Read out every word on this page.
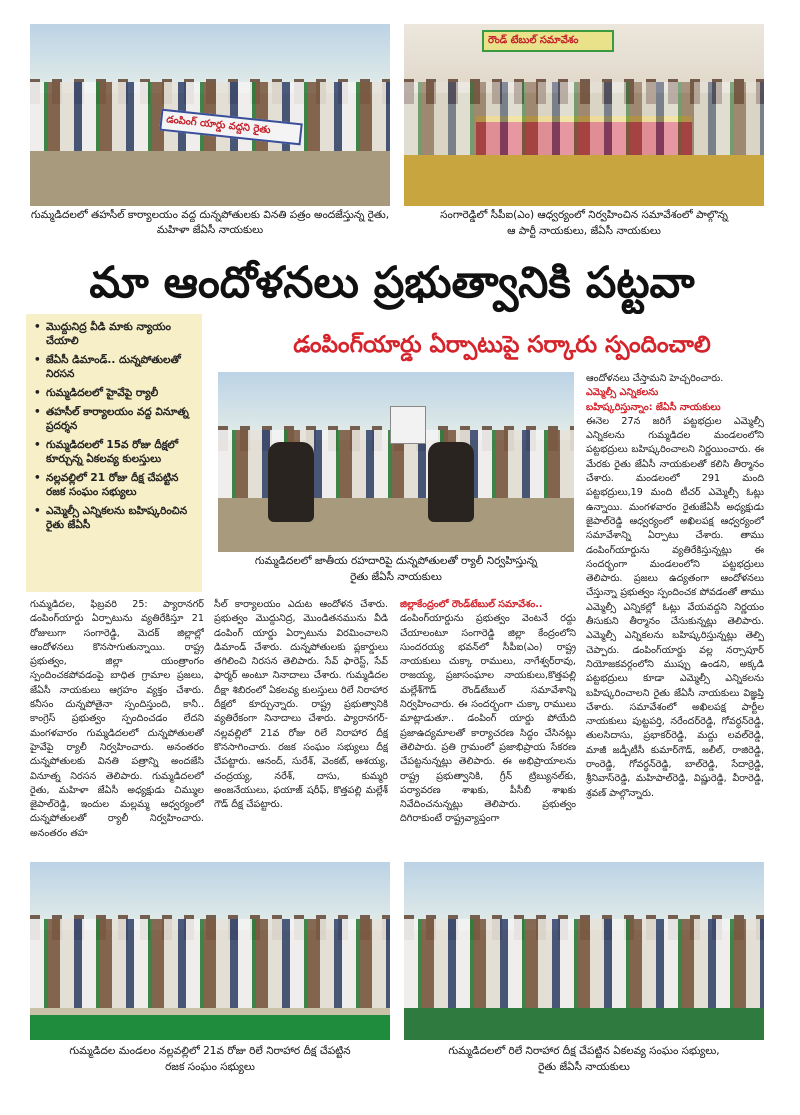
డంపింగ్ యార్డు వద్దని రైతు
గుమ్మడిదలలో తహసీల్ కార్యాలయం వద్ద దున్నపోతులకు వినతి పత్రం అందజేస్తున్న రైతు, మహిళా జేఏసీ నాయకులు
రౌండ్ టేబుల్ సమావేశం
సంగారెడ్డిలో సీపీఐ(ఎం) ఆధ్వర్యంలో నిర్వహించిన సమావేశంలో పాల్గొన్న
ఆ పార్టీ నాయకులు, జేఏసీ నాయకులు
మా ఆందోళనలు ప్రభుత్వానికి పట్టవా
డంపింగ్‌యార్డు ఏర్పాటుపై సర్కారు స్పందించాలి
• మొద్దునిద్ర వీడి మాకు న్యాయం చేయాలి
• జేఏసీ డిమాండ్.. దున్నపోతులతో నిరసన
• గుమ్మడిదలలో హైవేపై ర్యాలీ
• తహసీల్ కార్యాలయం వద్ద వినూత్న ప్రదర్శన
• గుమ్మడిదలలో 15వ రోజు దీక్షలో కూర్చున్న ఏకలవ్య కులస్తులు
• నల్లవల్లిలో 21 రోజు దీక్ష చేపట్టిన రజక సంఘం సభ్యులు
• ఎమ్మెల్సీ ఎన్నికలను బహిష్కరించిన రైతు జేఏసీ
గుమ్మడిదలలో జాతీయ రహదారిపై దున్నపోతులతో ర్యాలీ నిర్వహిస్తున్న
రైతు జేఏసీ నాయకులు
ఆందోళనలు చేస్తామని హెచ్చరించారు.
ఎమ్మెల్సీ ఎన్నికలను
బహిష్కరిస్తున్నాం: జేఏసీ నాయకులు
ఈనెల 27న జరిగే పట్టభద్రుల ఎమ్మెల్సీ ఎన్నికలను గుమ్మడిదల మండలంలోని పట్టభద్రులు బహిష్కరించాలని నిర్ణయించారు. ఈ మేరకు రైతు జేఏసీ నాయకులతో కలిసి తీర్మానం చేశారు. మండలంలో 291 మంది పట్టభద్రులు,19 మంది టీచర్ ఎమ్మెల్సీ ఓట్లు ఉన్నాయి. మంగళవారం రైతుజేఏసీ అధ్యక్షుడు జైపాల్‌రెడ్డి ఆధ్వర్యంలో అఖిలపక్ష ఆధ్వర్యంలో సమావేశాన్ని ఏర్పాటు చేశారు. తాము డంపింగ్‌యార్డును వ్యతిరేకిస్తున్నట్లు ఈ సందర్భంగా మండలంలోని పట్టభద్రులు తెలిపారు. ప్రజలు ఉద్యతంగా ఆందోళనలు చేస్తున్నా ప్రభుత్వం స్పందించక పోవడంతో తాము ఎమ్మెల్సీ ఎన్నికల్లో ఓట్లు వేయవద్దని నిర్ణయం తీసుకుని తీర్మానం చేసుకున్నట్లు తెలిపారు. ఎమ్మెల్సీ ఎన్నికలను బహిష్కరిస్తున్నట్లు తెల్పి చెప్పారు. డంపింగ్‌యార్డు వల్ల నర్సాపూర్ నియోజకవర్గంలోని ముప్పు ఉండని, అక్కడి పట్టభద్రులు కూడా ఎమ్మెల్సీ ఎన్నికలను బహిష్కరించాలని రైతు జేఏసీ నాయకులు విజ్ఞప్తి చేశారు. సమావేశంలో అఖిలపక్ష పార్టీల నాయకులు పుట్టపర్తి, నరేందర్‌రెడ్డి, గోవర్ధన్‌రెడ్డి, తులసిదాసు, ప్రభాకర్‌రెడ్డి, మద్దు లవల్‌రెడ్డి, మాజీ జడ్పీటీసీ కుమార్‌గౌడ్, జలీల్, రాజిరెడ్డి, రాంరెడ్డి, గోవర్ధన్‌రెడ్డి, బాల్‌రెడ్డి, సేదార్రెడ్డి, శ్రీనివాస్‌రెడ్డి, మహిపాల్‌రెడ్డి, విష్ణురెడ్డి, వీరారెడ్డి, శ్రవణ్ పాల్గొన్నారు.
గుమ్మడిదల, ఫిబ్రవరి 25: ప్యారానగర్ డంపింగ్‌యార్డు ఏర్పాటును వ్యతిరేకిస్తూ 21 రోజులుగా సంగారెడ్డి, మెదక్ జిల్లాల్లో ఆందోళనలు కొనసాగుతున్నాయి. రాష్ట్ర ప్రభుత్వం, జిల్లా యంత్రాంగం స్పందించకపోవడంపై బాధిత గ్రామాల ప్రజలు, జేఏసీ నాయకులు ఆగ్రహం వ్యక్తం చేశారు. కనీసం దున్నపోతైనా స్పందిస్తుంది, కానీ.. కాంగ్రెస్ ప్రభుత్వం స్పందించడం లేదని మంగళవారం గుమ్మడిదలలో దున్నపోతులతో హైవేపై ర్యాలీ నిర్వహించారు. అనంతరం దున్నపోతులకు వినతి పత్రాన్ని అందజేసి వినూత్న నిరసన తెలిపారు. గుమ్మడిదలలో రైతు, మహిళా జేఏసీ అధ్యక్షుడు చిమ్ముల జైపాల్‌రెడ్డి, ఇందుల మల్లమ్మ ఆధ్వర్యంలో దున్నపోతులతో ర్యాలీ నిర్వహించారు. అనంతరం తహ
సీల్ కార్యాలయం ఎదుట ఆందోళన చేశారు. ప్రభుత్వం మొద్దునిద్ర, మొండితనమును వీడి డంపింగ్ యార్డు ఏర్పాటును విరమించాలని డిమాండ్ చేశారు. దున్నపోతులకు ప్లకార్డులు తగిలించి నిరసన తెలిపారు. సేవ్ ఫారెస్ట్, సేవ్ ఫార్మర్ అంటూ నినాదాలు చేశారు. గుమ్మడిదల దీక్షా శిబిరంలో ఏకలవ్య కులస్తులు రిలే నిరాహార దీక్షలో కూర్చున్నారు. రాష్ట్ర ప్రభుత్వానికి వ్యతిరేకంగా నినాదాలు చేశారు. ప్యారానగర్-నల్లవల్లిలో 21వ రోజు రిలే నిరాహార దీక్ష కొనసాగించారు. రజక సంఘం సభ్యులు దీక్ష చేపట్టారు. ఆనంద్, సురేశ్, వెంకట్, ఆశయ్య, చంద్రయ్య, నరేశ్, దాసు, కుమ్మరి అంజనేయులు, ఫయాజ్ షరీఫ్, కొత్తపల్లి మల్లేశ్ గౌడ్ దీక్ష చేపట్టారు.
జిల్లాకేంద్రంలో రౌండ్‌టేబుల్ సమావేశం..
డంపింగ్‌యార్డును ప్రభుత్వం వెంటనే రద్దు చేయాలంటూ సంగారెడ్డి జిల్లా కేంద్రంలోని సుందరయ్య భవన్‌లో సీపీఐ(ఎం) రాష్ట్ర నాయకులు చుక్కా రాములు, నాగేశ్వర్‌రావు, రాజయ్య, ప్రజాసంఘాల నాయకులు,కొత్తపల్లి మల్లేశ్‌గౌడ్ రౌండ్‌టేబుల్ సమావేశాన్ని నిర్వహించారు. ఈ సందర్భంగా చుక్కా రాములు మాట్లాడుతూ.. డంపింగ్ యార్డు పోయేది ప్రజాఉద్యమాలతో కార్యాచరణ సిద్ధం చేసినట్లు తెలిపారు. ప్రతి గ్రామంలో ప్రజాభిప్రాయ సేకరణ చేపట్టనున్నట్లు తెలిపారు. ఈ అభిప్రాయాలను రాష్ట్ర ప్రభుత్వానికి, గ్రీన్ ట్రిబ్యునల్‌కు, పర్యావరణ శాఖకు, పీసీబీ శాఖకు నివేదించనున్నట్లు తెలిపారు. ప్రభుత్వం దిగిరాకుంటే రాష్ట్రవ్యాప్తంగా
గుమ్మడిదల మండలం నల్లవల్లిలో 21వ రోజు రిలే నిరాహార దీక్ష చేపట్టిన
రజక సంఘం సభ్యులు
గుమ్మడిదలలో రిలే నిరాహార దీక్ష చేపట్టిన ఏకలవ్య సంఘం సభ్యులు,
రైతు జేఏసీ నాయకులు
